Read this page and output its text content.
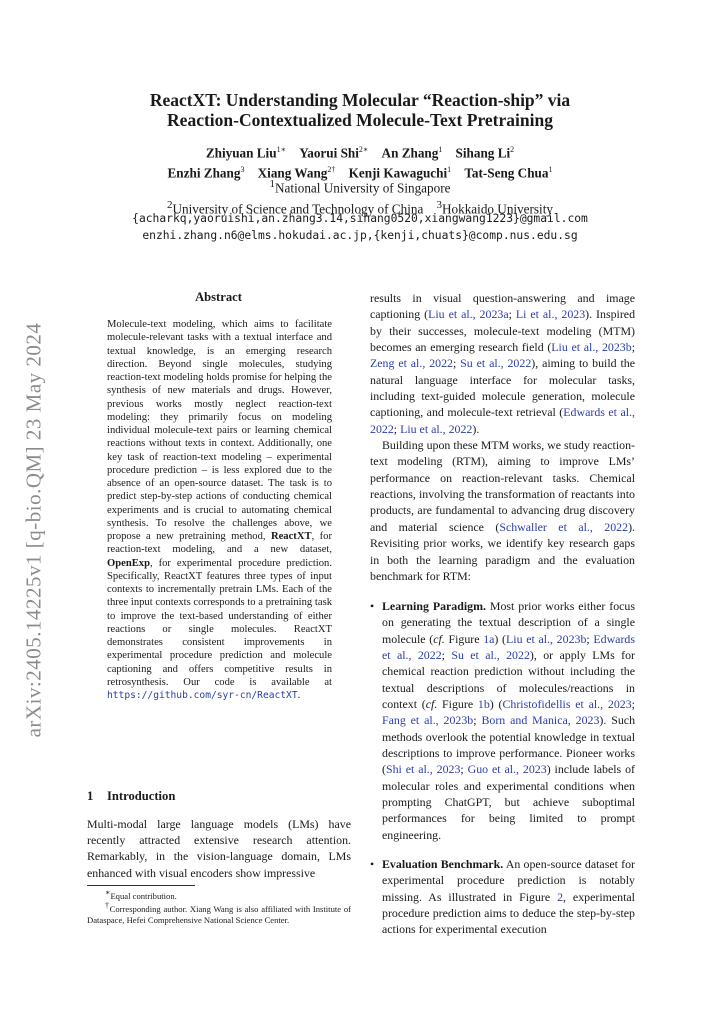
arXiv:2405.14225v1 [q-bio.QM] 23 May 2024
ReactXT: Understanding Molecular “Reaction-ship” via
Reaction-Contextualized Molecule-Text Pretraining
Zhiyuan Liu$^{1∗}$ Yaorui Shi$^{2∗}$ An Zhang$^1$ Sihang Li$^2$
Enzhi Zhang$^3$ Xiang Wang$^{2\dagger}$ Kenji Kawaguchi$^1$ Tat-Seng Chua$^1$
$^1$National University of Singapore
$^2$University of Science and Technology of China $^3$Hokkaido University
{acharkq,yaoruishi,an.zhang3.14,sihang0520,xiangwang1223}@gmail.com
enzhi.zhang.n6@elms.hokudai.ac.jp,{kenji,chuats}@comp.nus.edu.sg
Abstract
Molecule-text modeling, which aims to facilitate molecule-relevant tasks with a textual interface and textual knowledge, is an emerging research direction. Beyond single molecules, studying reaction-text modeling holds promise for helping the synthesis of new materials and drugs. However, previous works mostly neglect reaction-text modeling: they primarily focus on modeling individual molecule-text pairs or learning chemical reactions without texts in context. Additionally, one key task of reaction-text modeling – experimental procedure prediction – is less explored due to the absence of an open-source dataset. The task is to predict step-by-step actions of conducting chemical experiments and is crucial to automating chemical synthesis. To resolve the challenges above, we propose a new pretraining method, ReactXT, for reaction-text modeling, and a new dataset, OpenExp, for experimental procedure prediction. Specifically, ReactXT features three types of input contexts to incrementally pretrain LMs. Each of the three input contexts corresponds to a pretraining task to improve the text-based understanding of either reactions or single molecules. ReactXT demonstrates consistent improvements in experimental procedure prediction and molecule captioning and offers competitive results in retrosynthesis. Our code is available at https://github.com/syr-cn/ReactXT.
1 Introduction
Multi-modal large language models (LMs) have recently attracted extensive research attention. Remarkably, in the vision-language domain, LMs enhanced with visual encoders show impressive
∗Equal contribution.
†Corresponding author. Xiang Wang is also affiliated with Institute of Dataspace, Hefei Comprehensive National Science Center.

results in visual question-answering and image captioning (Liu et al., 2023a; Li et al., 2023). Inspired by their successes, molecule-text modeling (MTM) becomes an emerging research field (Liu et al., 2023b; Zeng et al., 2022; Su et al., 2022), aiming to build the natural language interface for molecular tasks, including text-guided molecule generation, molecule captioning, and molecule-text retrieval (Edwards et al., 2022; Liu et al., 2022).

Building upon these MTM works, we study reaction-text modeling (RTM), aiming to improve LMs’ performance on reaction-relevant tasks. Chemical reactions, involving the transformation of reactants into products, are fundamental to advancing drug discovery and material science (Schwaller et al., 2022). Revisiting prior works, we identify key research gaps in both the learning paradigm and the evaluation benchmark for RTM:

• Learning Paradigm. Most prior works either focus on generating the textual description of a single molecule (cf. Figure 1a) (Liu et al., 2023b; Edwards et al., 2022; Su et al., 2022), or apply LMs for chemical reaction prediction without including the textual descriptions of molecules/reactions in context (cf. Figure 1b) (Christofidellis et al., 2023; Fang et al., 2023b; Born and Manica, 2023). Such methods overlook the potential knowledge in textual descriptions to improve performance. Pioneer works (Shi et al., 2023; Guo et al., 2023) include labels of molecular roles and experimental conditions when prompting ChatGPT, but achieve suboptimal performances for being limited to prompt engineering.
• Evaluation Benchmark. An open-source dataset for experimental procedure prediction is notably missing. As illustrated in Figure 2, experimental procedure prediction aims to deduce the step-by-step actions for experimental execution
